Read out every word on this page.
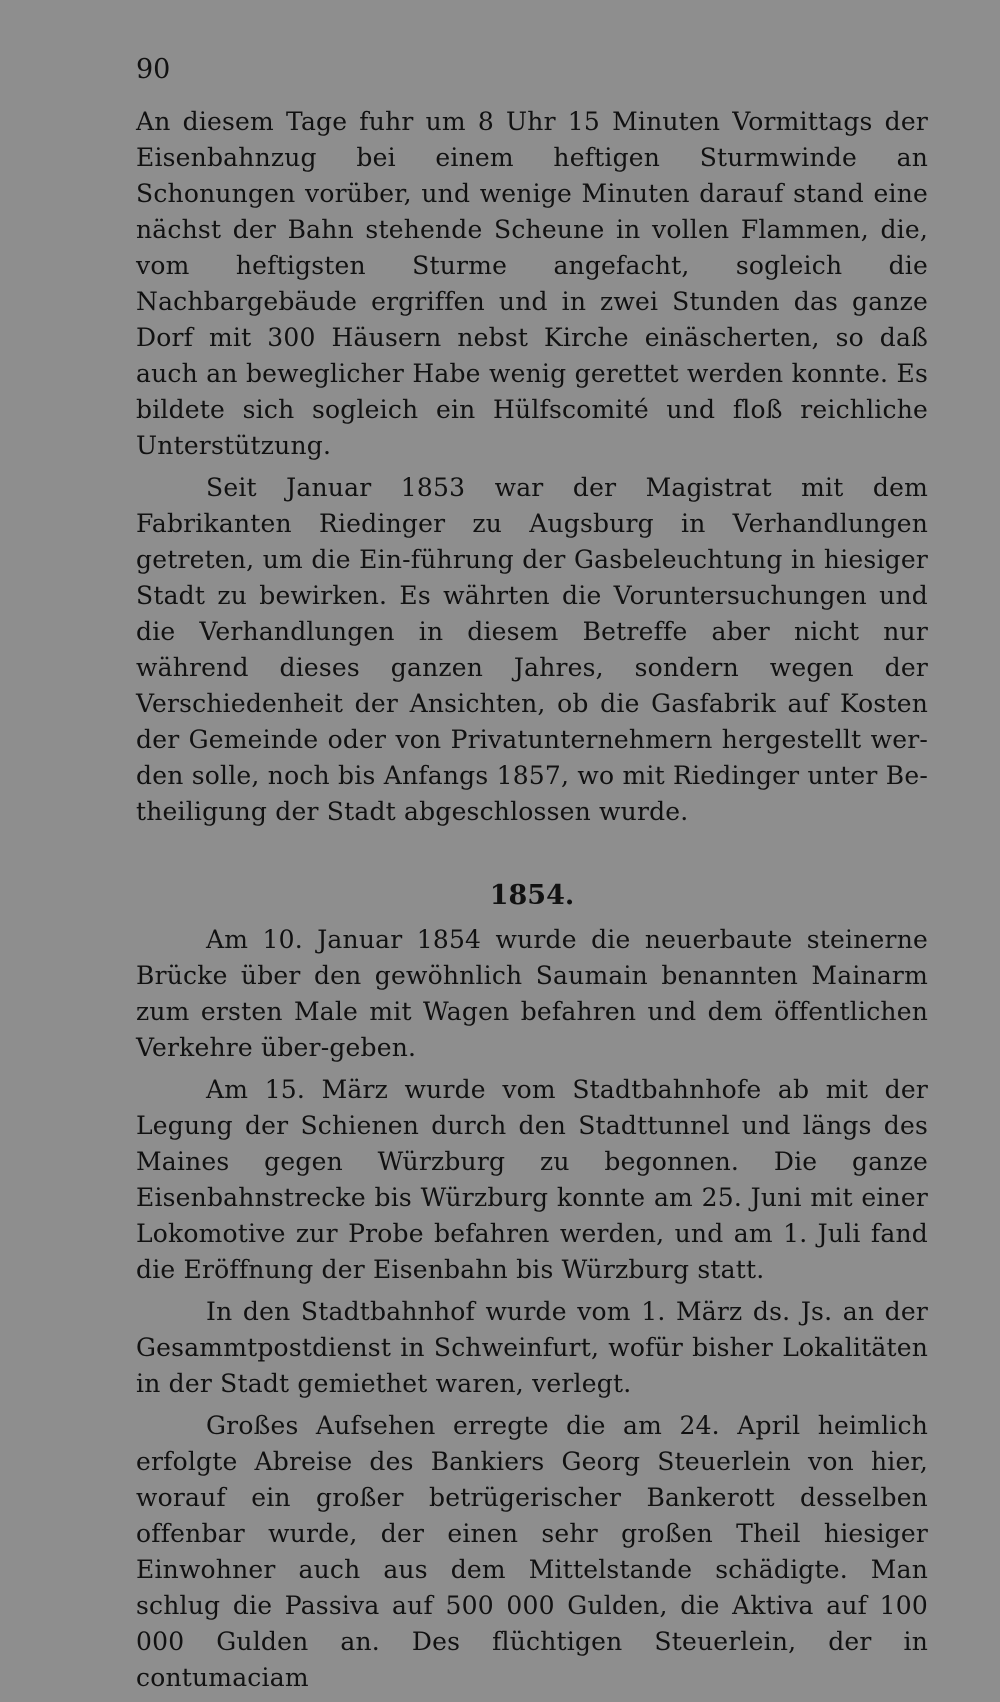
90

An diesem Tage fuhr um 8 Uhr 15 Minuten Vormittags der Eisenbahnzug bei einem heftigen Sturmwinde an Schonungen vorüber, und wenige Minuten darauf stand eine nächst der Bahn stehende Scheune in vollen Flammen, die, vom heftigsten Sturme angefacht, sogleich die Nachbargebäude ergriffen und in zwei Stunden das ganze Dorf mit 300 Häusern nebst Kirche einäscherten, so daß auch an beweglicher Habe wenig gerettet werden konnte. Es bildete sich sogleich ein Hülfscomité und floß reichliche Unterstützung.

Seit Januar 1853 war der Magistrat mit dem Fabrikanten Riedinger zu Augsburg in Verhandlungen getreten, um die Ein-führung der Gasbeleuchtung in hiesiger Stadt zu bewirken. Es währten die Voruntersuchungen und die Verhandlungen in diesem Betreffe aber nicht nur während dieses ganzen Jahres, sondern wegen der Verschiedenheit der Ansichten, ob die Gasfabrik auf Kosten der Gemeinde oder von Privatunternehmern hergestellt wer-den solle, noch bis Anfangs 1857, wo mit Riedinger unter Be-theiligung der Stadt abgeschlossen wurde.

1854.

Am 10. Januar 1854 wurde die neuerbaute steinerne Brücke über den gewöhnlich Saumain benannten Mainarm zum ersten Male mit Wagen befahren und dem öffentlichen Verkehre über-geben.

Am 15. März wurde vom Stadtbahnhofe ab mit der Legung der Schienen durch den Stadttunnel und längs des Maines gegen Würzburg zu begonnen. Die ganze Eisenbahnstrecke bis Würzburg konnte am 25. Juni mit einer Lokomotive zur Probe befahren werden, und am 1. Juli fand die Eröffnung der Eisenbahn bis Würzburg statt.

In den Stadtbahnhof wurde vom 1. März ds. Js. an der Gesammtpostdienst in Schweinfurt, wofür bisher Lokalitäten in der Stadt gemiethet waren, verlegt.

Großes Aufsehen erregte die am 24. April heimlich erfolgte Abreise des Bankiers Georg Steuerlein von hier, worauf ein großer betrügerischer Bankerott desselben offenbar wurde, der einen sehr großen Theil hiesiger Einwohner auch aus dem Mittelstande schädigte. Man schlug die Passiva auf 500 000 Gulden, die Aktiva auf 100 000 Gulden an. Des flüchtigen Steuerlein, der in contumaciam
